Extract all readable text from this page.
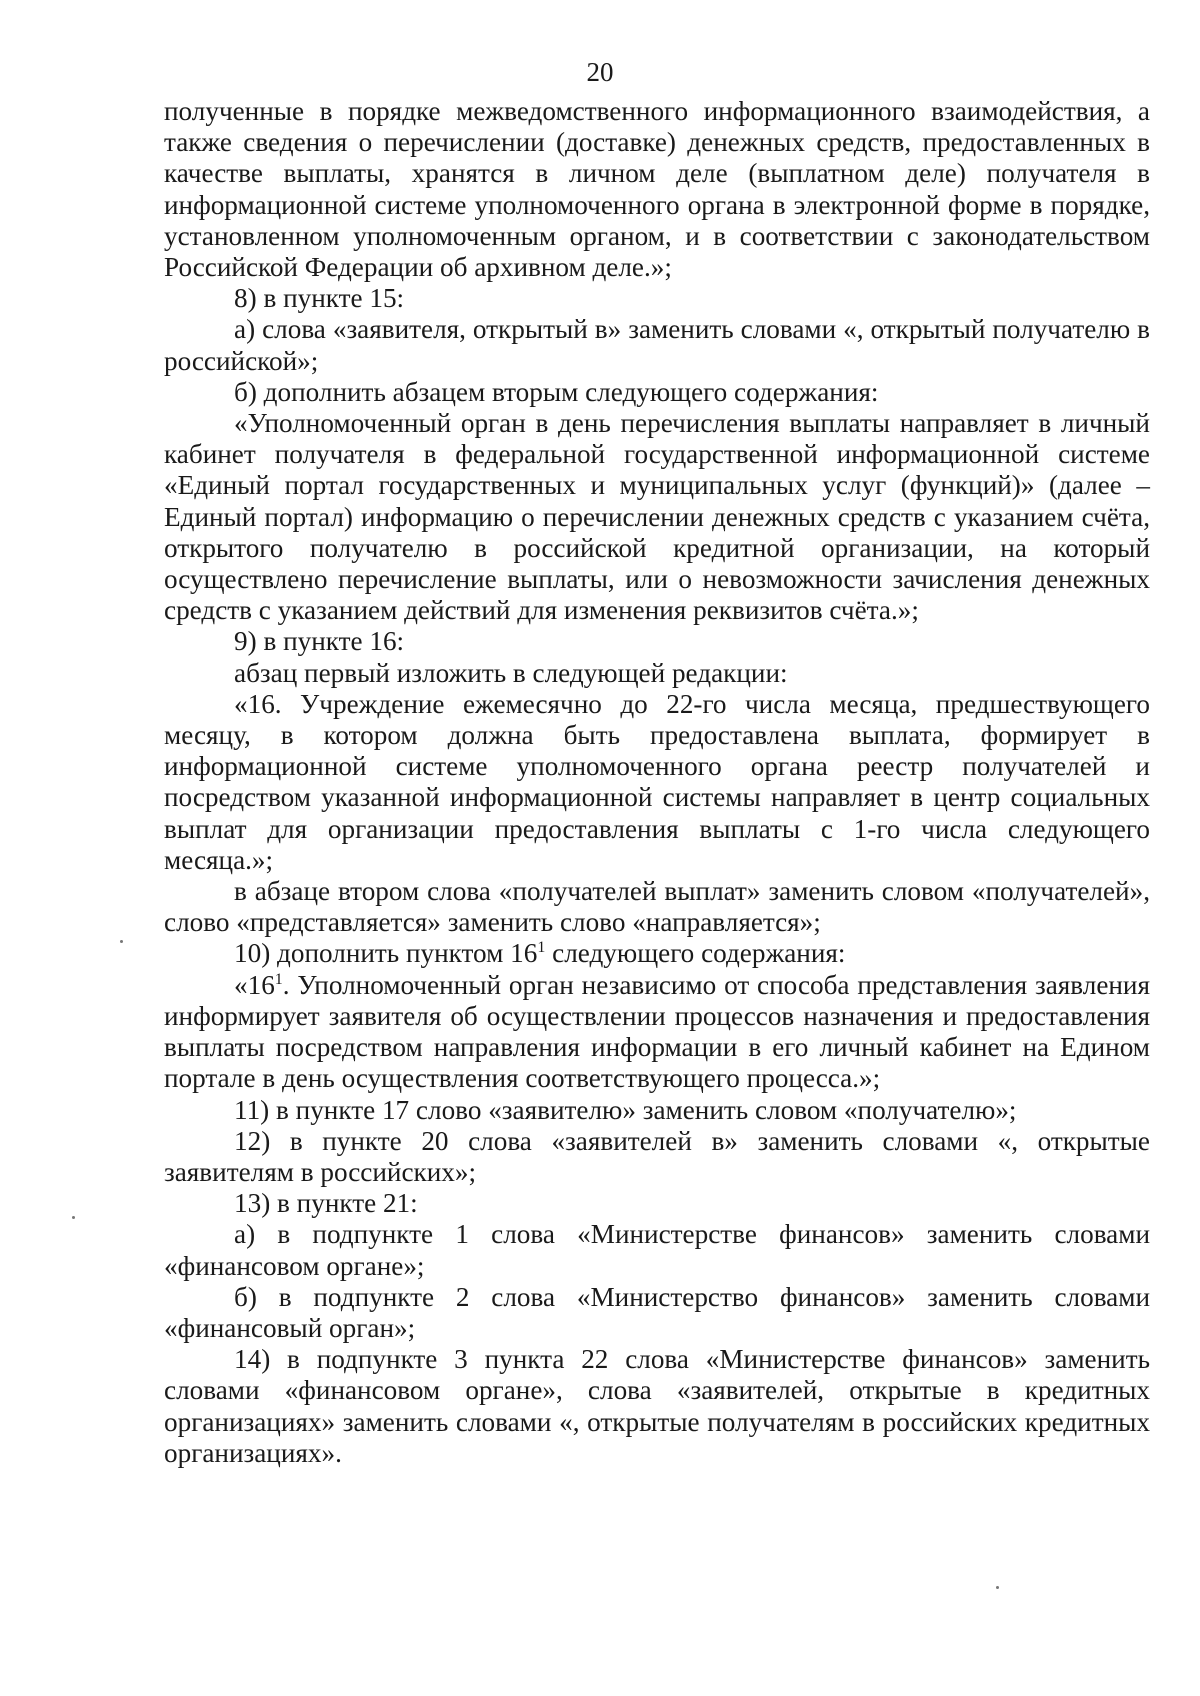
20

полученные в порядке межведомственного информационного взаимодействия, а также сведения о перечислении (доставке) денежных средств, предоставленных в качестве выплаты, хранятся в личном деле (выплатном деле) получателя в информационной системе уполномоченного органа в электронной форме в порядке, установленном уполномоченным органом, и в соответствии с законодательством Российской Федерации об архивном деле.»;

8) в пункте 15:

а) слова «заявителя, открытый в» заменить словами «, открытый получателю в российской»;

б) дополнить абзацем вторым следующего содержания:

«Уполномоченный орган в день перечисления выплаты направляет в личный кабинет получателя в федеральной государственной информационной системе «Единый портал государственных и муниципальных услуг (функций)» (далее – Единый портал) информацию о перечислении денежных средств с указанием счёта, открытого получателю в российской кредитной организации, на который осуществлено перечисление выплаты, или о невозможности зачисления денежных средств с указанием действий для изменения реквизитов счёта.»;

9) в пункте 16:

абзац первый изложить в следующей редакции:

«16. Учреждение ежемесячно до 22-го числа месяца, предшествующего месяцу, в котором должна быть предоставлена выплата, формирует в информационной системе уполномоченного органа реестр получателей и посредством указанной информационной системы направляет в центр социальных выплат для организации предоставления выплаты с 1-го числа следующего месяца.»;

в абзаце втором слова «получателей выплат» заменить словом «получателей», слово «представляется» заменить слово «направляется»;

10) дополнить пунктом $16^1$ следующего содержания:

«$16^1$. Уполномоченный орган независимо от способа представления заявления информирует заявителя об осуществлении процессов назначения и предоставления выплаты посредством направления информации в его личный кабинет на Едином портале в день осуществления соответствующего процесса.»;

11) в пункте 17 слово «заявителю» заменить словом «получателю»;

12) в пункте 20 слова «заявителей в» заменить словами «, открытые заявителям в российских»;

13) в пункте 21:

а) в подпункте 1 слова «Министерстве финансов» заменить словами «финансовом органе»;

б) в подпункте 2 слова «Министерство финансов» заменить словами «финансовый орган»;

14) в подпункте 3 пункта 22 слова «Министерстве финансов» заменить словами «финансовом органе», слова «заявителей, открытые в кредитных организациях» заменить словами «, открытые получателям в российских кредитных организациях».
